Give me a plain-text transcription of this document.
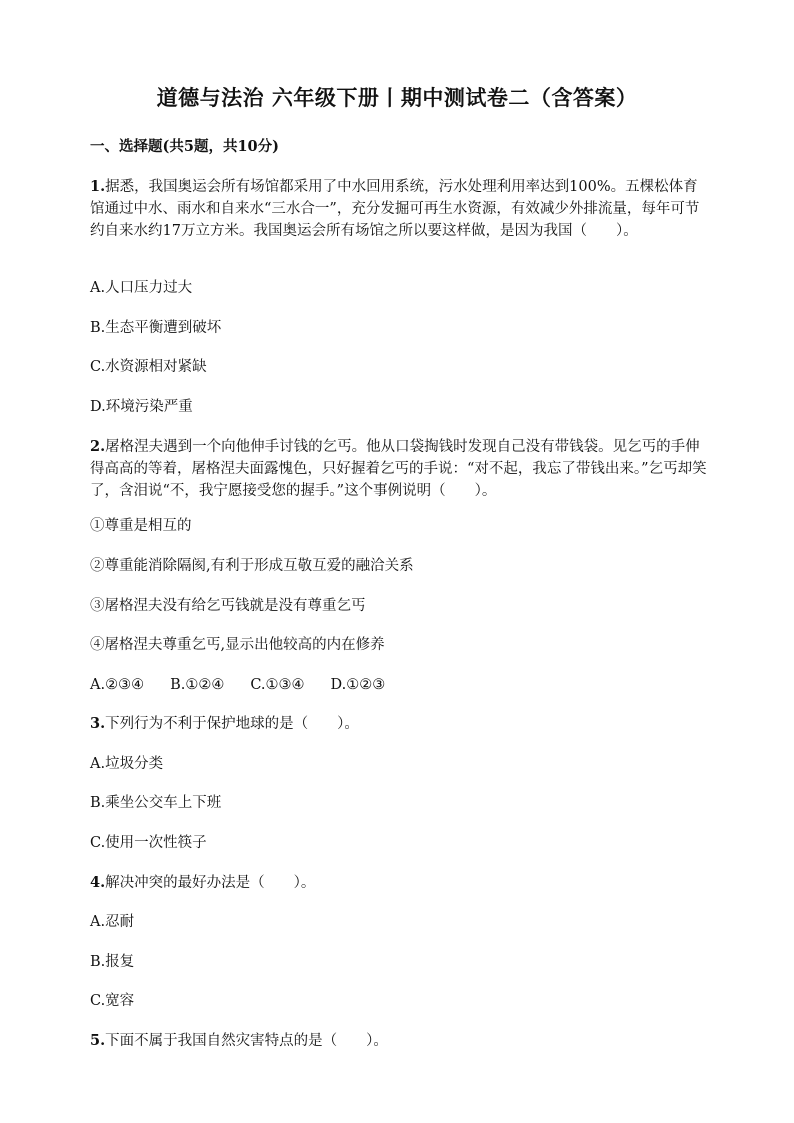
道德与法治 六年级下册丨期中测试卷二（含答案）
一、选择题(共5题，共10分)
1.据悉，我国奥运会所有场馆都采用了中水回用系统，污水处理利用率达到100%。五棵松体育馆通过中水、雨水和自来水“三水合一”，充分发掘可再生水资源，有效减少外排流量，每年可节约自来水约17万立方米。我国奥运会所有场馆之所以要这样做，是因为我国（　　）。
A.人口压力过大
B.生态平衡遭到破坏
C.水资源相对紧缺
D.环境污染严重
2.屠格涅夫遇到一个向他伸手讨钱的乞丐。他从口袋掏钱时发现自己没有带钱袋。见乞丐的手伸得高高的等着，屠格涅夫面露愧色，只好握着乞丐的手说：“对不起，我忘了带钱出来。”乞丐却笑了，含泪说“不，我宁愿接受您的握手。”这个事例说明（　　）。
①尊重是相互的
②尊重能消除隔阂,有利于形成互敬互爱的融洽关系
③屠格涅夫没有给乞丐钱就是没有尊重乞丐
④屠格涅夫尊重乞丐,显示出他较高的内在修养
A.②③④ B.①②④ C.①③④ D.①②③
3.下列行为不利于保护地球的是（　　）。
A.垃圾分类
B.乘坐公交车上下班
C.使用一次性筷子
4.解决冲突的最好办法是（　　）。
A.忍耐
B.报复
C.宽容
5.下面不属于我国自然灾害特点的是（　　）。
